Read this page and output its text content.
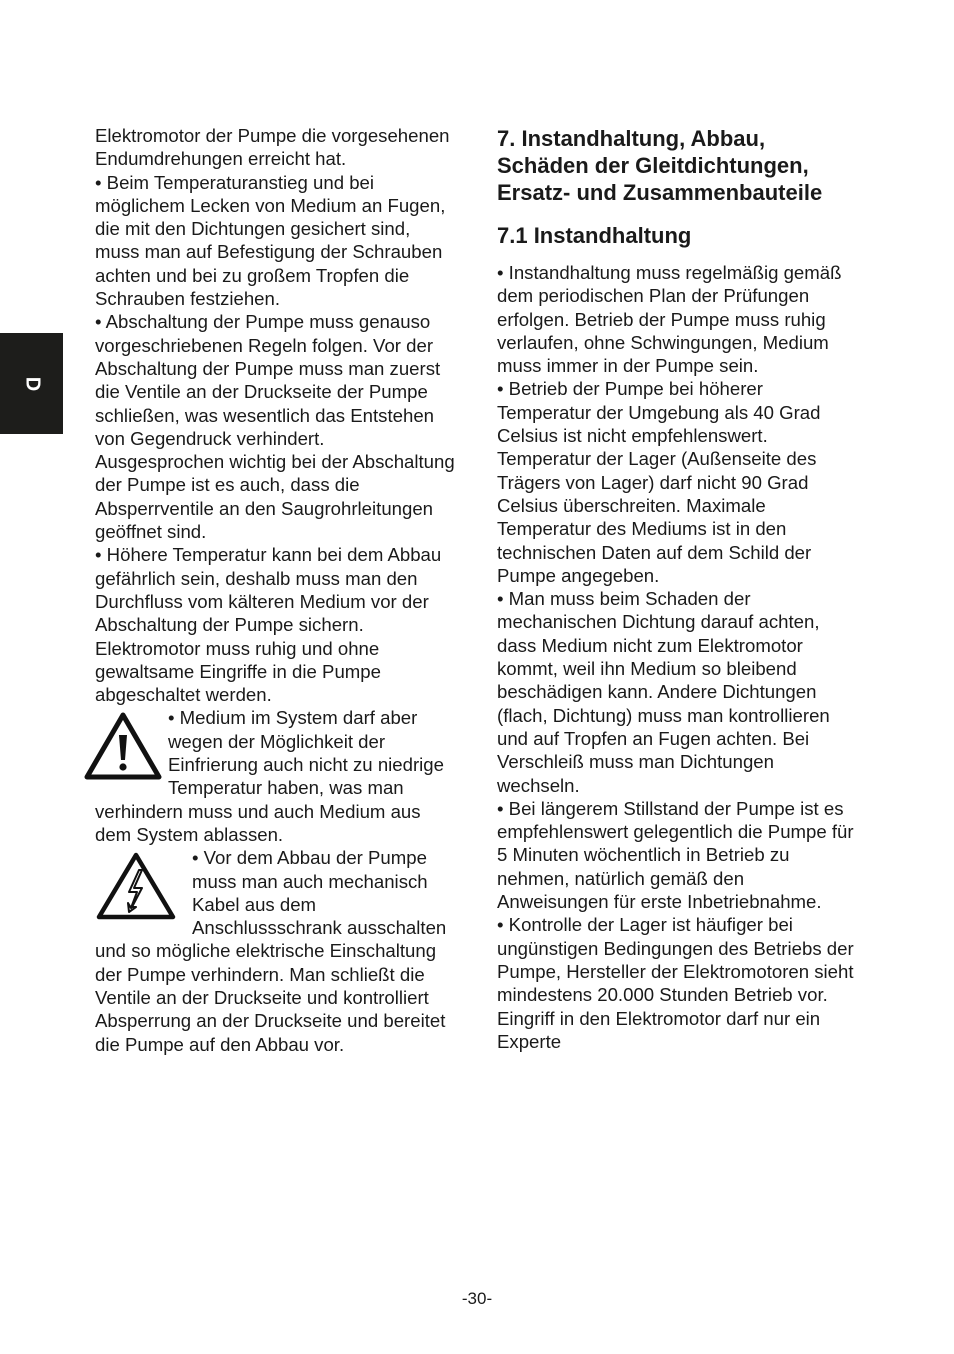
D

Elektromotor der Pumpe die vorgesehenen Endumdrehungen erreicht hat.

• Beim Temperaturanstieg und bei möglichem Lecken von Medium an Fugen, die mit den Dichtungen gesichert sind, muss man auf Befestigung der Schrauben achten und bei zu großem Tropfen die Schrauben festziehen.

• Abschaltung der Pumpe muss genauso vorgeschriebenen Regeln folgen. Vor der Abschaltung der Pumpe muss man zuerst die Ventile an der Druckseite der Pumpe schließen, was wesentlich das Entstehen von Gegendruck verhindert. Ausgesprochen wichtig bei der Abschaltung der Pumpe ist es auch, dass die Absperrventile an den Saugrohrleitungen geöffnet sind.

• Höhere Temperatur kann bei dem Abbau gefährlich sein, deshalb muss man den Durchfluss vom kälteren Medium vor der Abschaltung der Pumpe sichern. Elektromotor muss ruhig und ohne gewaltsame Eingriffe in die Pumpe abgeschaltet werden.

• Medium im System darf aber wegen der Möglichkeit der Einfrierung auch nicht zu niedrige Temperatur haben, was man verhindern muss und auch Medium aus dem System ablassen.

• Vor dem Abbau der Pumpe muss man auch mechanisch Kabel aus dem Anschlussschrank ausschalten und so mögliche elektrische Einschaltung der Pumpe verhindern. Man schließt die Ventile an der Druckseite und kontrolliert Absperrung an der Druckseite und bereitet die Pumpe auf den Abbau vor.

7. Instandhaltung, Abbau, Schäden der Gleitdichtungen, Ersatz- und Zusammenbauteile
7.1 Instandhaltung

• Instandhaltung muss regelmäßig gemäß dem periodischen Plan der Prüfungen erfolgen. Betrieb der Pumpe muss ruhig verlaufen, ohne Schwingungen, Medium muss immer in der Pumpe sein.

• Betrieb der Pumpe bei höherer Temperatur der Umgebung als 40 Grad Celsius ist nicht empfehlenswert. Temperatur der Lager (Außenseite des Trägers von Lager) darf nicht 90 Grad Celsius überschreiten. Maximale Temperatur des Mediums ist in den technischen Daten auf dem Schild der Pumpe angegeben.

• Man muss beim Schaden der mechanischen Dichtung darauf achten, dass Medium nicht zum Elektromotor kommt, weil ihn Medium so bleibend beschädigen kann. Andere Dichtungen (flach, Dichtung) muss man kontrollieren und auf Tropfen an Fugen achten. Bei Verschleiß muss man Dichtungen wechseln.

• Bei längerem Stillstand der Pumpe ist es empfehlenswert gelegentlich die Pumpe für 5 Minuten wöchentlich in Betrieb zu nehmen, natürlich gemäß den Anweisungen für erste Inbetriebnahme.

• Kontrolle der Lager ist häufiger bei ungünstigen Bedingungen des Betriebs der Pumpe, Hersteller der Elektromotoren sieht mindestens 20.000 Stunden Betrieb vor. Eingriff in den Elektromotor darf nur ein Experte

-30-
